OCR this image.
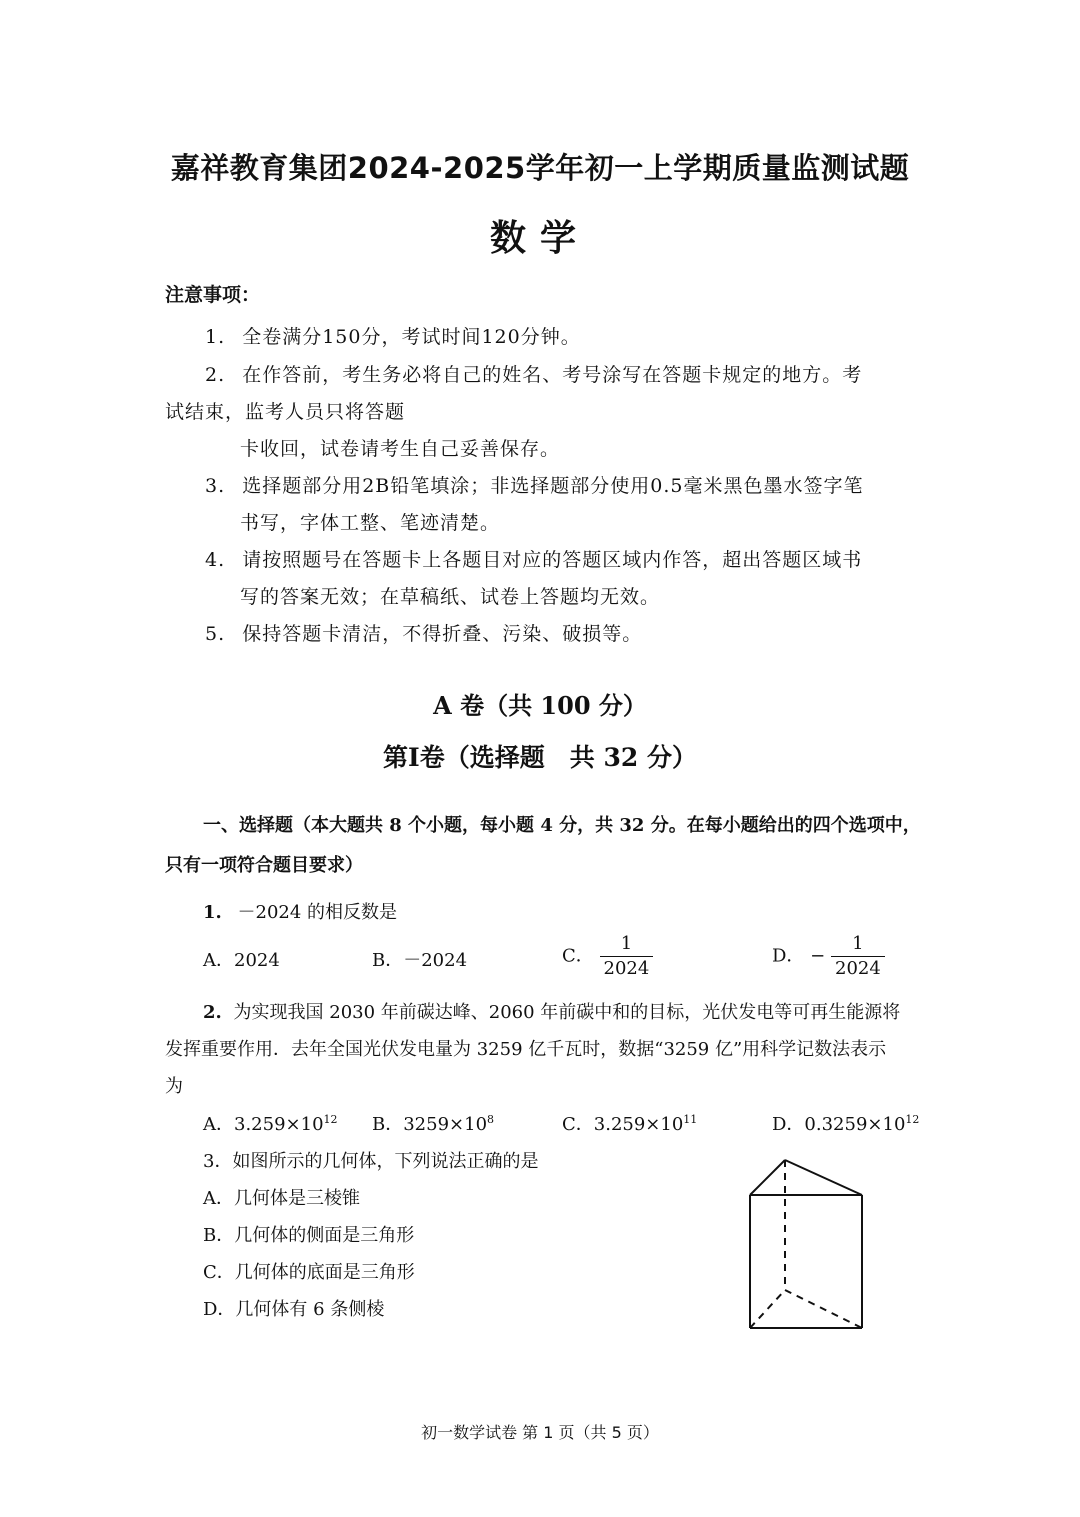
嘉祥教育集团2024-2025学年初一上学期质量监测试题
数学
注意事项：
1. 全卷满分150分，考试时间120分钟。
2. 在作答前，考生务必将自己的姓名、考号涂写在答题卡规定的地方。考
试结束，监考人员只将答题
卡收回，试卷请考生自己妥善保存。
3. 选择题部分用2B铅笔填涂；非选择题部分使用0.5毫米黑色墨水签字笔
书写，字体工整、笔迹清楚。
4. 请按照题号在答题卡上各题目对应的答题区域内作答，超出答题区域书
写的答案无效；在草稿纸、试卷上答题均无效。
5. 保持答题卡清洁，不得折叠、污染、破损等。
A 卷（共 100 分）
第Ⅰ卷（选择题　共 32 分）
一、选择题（本大题共 8 个小题，每小题 4 分，共 32 分。在每小题给出的四个选项中，
只有一项符合题目要求）
1. －2024 的相反数是
A．2024	B．－2024	C． $\frac{1}{2024}$	D． − $\frac{1}{2024}$
2. 为实现我国 2030 年前碳达峰、2060 年前碳中和的目标，光伏发电等可再生能源将
发挥重要作用．去年全国光伏发电量为 3259 亿千瓦时，数据“3259 亿”用科学记数法表示
为
A．$3.259\times 10^{12}$ B．$3259\times 10^8$	C．$3.259\times 10^{11}$	D．$0.3259\times 10^{12}$
3．如图所示的几何体，下列说法正确的是
A．几何体是三棱锥
B．几何体的侧面是三角形
C．几何体的底面是三角形
D．几何体有 6 条侧棱
初一数学试卷 第 1 页（共 5 页）
